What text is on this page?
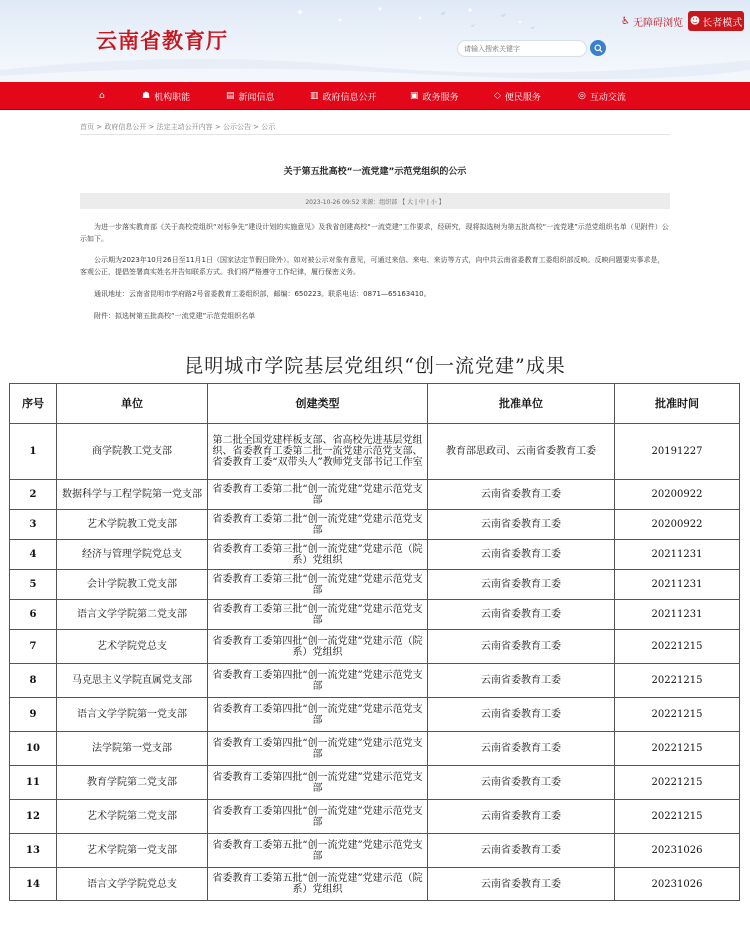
云南省教育厅
♿ 无障碍浏览 ☻ 长者模式
请输入搜索关键字
⌂	☗ 机构职能	▤ 新闻信息	▥ 政府信息公开	▣ 政务服务	◇ 便民服务	◎ 互动交流
首页 > 政府信息公开 > 法定主动公开内容 > 公示公告 > 公示
关于第五批高校“一流党建”示范党组织的公示
2023-10-26 09:52 来源：组织部 【 大 | 中 | 小 】
为进一步落实教育部《关于高校党组织“对标争先”建设计划的实施意见》及我省创建高校“一流党建”工作要求，经研究，现将拟选树为第五批高校“一流党建”示范党组织名单（见附件）公示如下。
公示期为2023年10月26日至11月1日（国家法定节假日除外）。如对被公示对象有意见，可通过来信、来电、来访等方式，向中共云南省委教育工委组织部反映。反映问题要实事求是，客观公正，提倡签署真实姓名并告知联系方式。我们将严格遵守工作纪律，履行保密义务。
通讯地址：云南省昆明市学府路2号省委教育工委组织部，邮编：650223。联系电话：0871—65163410。
附件：拟选树第五批高校“一流党建”示范党组织名单
昆明城市学院基层党组织“创一流党建”成果
序号	单位	创建类型	批准单位	批准时间
1	商学院教工党支部	第二批全国党建样板支部、省高校先进基层党组织、省委教育工委第二批一流党建示范党支部、省委教育工委“双带头人”教师党支部书记工作室	教育部思政司、云南省委教育工委	20191227
2	数据科学与工程学院第一党支部	省委教育工委第二批“创一流党建”党建示范党支部	云南省委教育工委	20200922
3	艺术学院教工党支部	省委教育工委第二批“创一流党建”党建示范党支部	云南省委教育工委	20200922
4	经济与管理学院党总支	省委教育工委第三批“创一流党建”党建示范（院系）党组织	云南省委教育工委	20211231
5	会计学院教工党支部	省委教育工委第三批“创一流党建”党建示范党支部	云南省委教育工委	20211231
6	语言文学学院第二党支部	省委教育工委第三批“创一流党建”党建示范党支部	云南省委教育工委	20211231
7	艺术学院党总支	省委教育工委第四批“创一流党建”党建示范（院系）党组织	云南省委教育工委	20221215
8	马克思主义学院直属党支部	省委教育工委第四批“创一流党建”党建示范党支部	云南省委教育工委	20221215
9	语言文学学院第一党支部	省委教育工委第四批“创一流党建”党建示范党支部	云南省委教育工委	20221215
10	法学院第一党支部	省委教育工委第四批“创一流党建”党建示范党支部	云南省委教育工委	20221215
11	教育学院第二党支部	省委教育工委第四批“创一流党建”党建示范党支部	云南省委教育工委	20221215
12	艺术学院第二党支部	省委教育工委第四批“创一流党建”党建示范党支部	云南省委教育工委	20221215
13	艺术学院第一党支部	省委教育工委第五批“创一流党建”党建示范党支部	云南省委教育工委	20231026
14	语言文学学院党总支	省委教育工委第五批“创一流党建”党建示范（院系）党组织	云南省委教育工委	20231026
